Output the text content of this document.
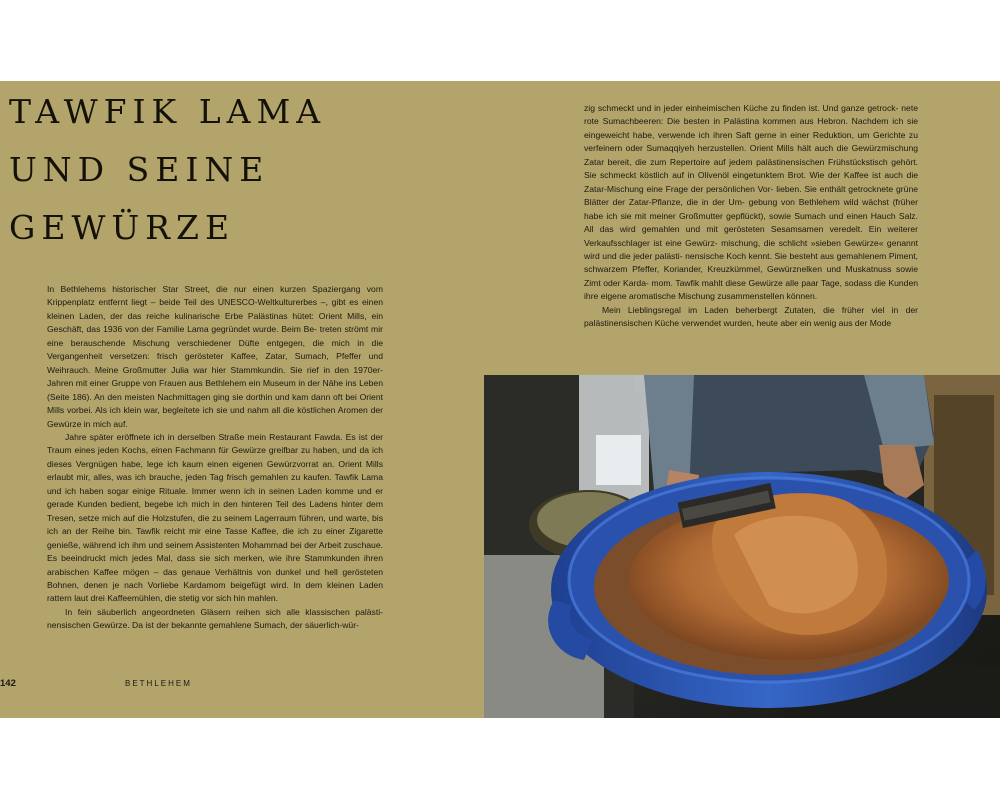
TAWFIK LAMA
UND SEINE
GEWÜRZE

In Bethlehems historischer Star Street, die nur einen kurzen Spaziergang vom Krippenplatz entfernt liegt – beide Teil des UNESCO-Weltkulturerbes –, gibt es einen kleinen Laden, der das reiche kulinarische Erbe Palästinas hütet: Orient Mills, ein Geschäft, das 1936 von der Familie Lama gegründet wurde. Beim Be- treten strömt mir eine berauschende Mischung verschiedener Düfte entgegen, die mich in die Vergangenheit versetzen: frisch gerösteter Kaffee, Zatar, Sumach, Pfeffer und Weihrauch. Meine Großmutter Julia war hier Stammkundin. Sie rief in den 1970er-Jahren mit einer Gruppe von Frauen aus Bethlehem ein Museum in der Nähe ins Leben (Seite 186). An den meisten Nachmittagen ging sie dorthin und kam dann oft bei Orient Mills vorbei. Als ich klein war, begleitete ich sie und nahm all die köstlichen Aromen der Gewürze in mich auf.

Jahre später eröffnete ich in derselben Straße mein Restaurant Fawda. Es ist der Traum eines jeden Kochs, einen Fachmann für Gewürze greifbar zu haben, und da ich dieses Vergnügen habe, lege ich kaum einen eigenen Gewürzvorrat an. Orient Mills erlaubt mir, alles, was ich brauche, jeden Tag frisch gemahlen zu kaufen. Tawfik Lama und ich haben sogar einige Rituale. Immer wenn ich in seinen Laden komme und er gerade Kunden bedient, begebe ich mich in den hinteren Teil des Ladens hinter dem Tresen, setze mich auf die Holzstufen, die zu seinem Lagerraum führen, und warte, bis ich an der Reihe bin. Tawfik reicht mir eine Tasse Kaffee, die ich zu einer Zigarette genieße, während ich ihm und seinem Assistenten Mohammad bei der Arbeit zuschaue. Es beeindruckt mich jedes Mal, dass sie sich merken, wie ihre Stammkunden ihren arabischen Kaffee mögen – das genaue Verhältnis von dunkel und hell gerösteten Bohnen, denen je nach Vorliebe Kardamom beigefügt wird. In dem kleinen Laden rattern laut drei Kaffeemühlen, die stetig vor sich hin mahlen.

In fein säuberlich angeordneten Gläsern reihen sich alle klassischen palästi- nensischen Gewürze. Da ist der bekannte gemahlene Sumach, der säuerlich-wür-

zig schmeckt und in jeder einheimischen Küche zu finden ist. Und ganze getrock- nete rote Sumachbeeren: Die besten in Palästina kommen aus Hebron. Nachdem ich sie eingeweicht habe, verwende ich ihren Saft gerne in einer Reduktion, um Gerichte zu verfeinern oder Sumaqqiyeh herzustellen. Orient Mills hält auch die Gewürzmischung Zatar bereit, die zum Repertoire auf jedem palästinensischen Frühstückstisch gehört. Sie schmeckt köstlich auf in Olivenöl eingetunktem Brot. Wie der Kaffee ist auch die Zatar-Mischung eine Frage der persönlichen Vor- lieben. Sie enthält getrocknete grüne Blätter der Zatar-Pflanze, die in der Um- gebung von Bethlehem wild wächst (früher habe ich sie mit meiner Großmutter gepflückt), sowie Sumach und einen Hauch Salz. All das wird gemahlen und mit gerösteten Sesamsamen veredelt. Ein weiterer Verkaufsschlager ist eine Gewürz- mischung, die schlicht »sieben Gewürze« genannt wird und die jeder palästi- nensische Koch kennt. Sie besteht aus gemahlenem Piment, schwarzem Pfeffer, Koriander, Kreuzkümmel, Gewürznelken und Muskatnuss sowie Zimt oder Karda- mom. Tawfik mahlt diese Gewürze alle paar Tage, sodass die Kunden ihre eigene aromatische Mischung zusammenstellen können.

Mein Lieblingsregal im Laden beherbergt Zutaten, die früher viel in der palästinensischen Küche verwendet wurden, heute aber ein wenig aus der Mode

142	BETHLEHEM
